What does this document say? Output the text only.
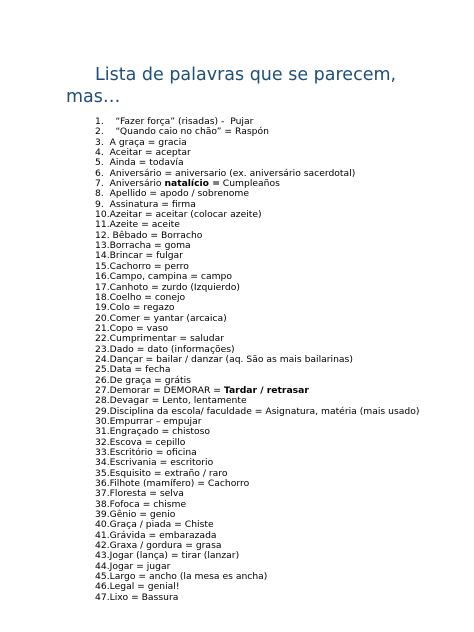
Lista de palavras que se parecem, mas…
1.
“Fazer força” (risadas) -  Pujar
2.
“Quando caio no chão” = Raspón
3.
A graça = gracia
4.
Aceitar = aceptar
5.
Ainda = todavía
6.
Aniversário = aniversario (ex. aniversário sacerdotal)
7.
Aniversário natalício = Cumpleaños
8.
Apellido = apodo / sobrenome
9.
Assinatura = firma
10. Azeitar = aceitar (colocar azeite)
11. Azeite = aceite
12.
Bêbado = Borracho
13. Borracha = goma
14. Brincar = fulgar
15. Cachorro = perro
16. Campo, campina = campo
17. Canhoto = zurdo (Izquierdo)
18. Coelho = conejo
19. Colo = regazo
20. Comer = yantar (arcaica)
21. Copo = vaso
22. Cumprimentar = saludar
23. Dado = dato (informações)
24. Dançar = bailar / danzar (aq. São as mais bailarinas)
25. Data = fecha
26. De graça = grátis
27. Demorar = DEMORAR = Tardar / retrasar
28. Devagar = Lento, lentamente
29. Disciplina da escola/ faculdade = Asignatura, matéria (mais usado)
30. Empurrar – empujar
31. Engraçado = chistoso
32. Escova = cepillo
33. Escritório = oficina
34. Escrivania = escritorio
35. Esquisito = extraño / raro
36. Filhote (mamífero) = Cachorro
37. Floresta = selva
38. Fofoca = chisme
39. Gênio = genio
40. Graça / piada = Chiste
41. Grávida = embarazada
42. Graxa / gordura = grasa
43. Jogar (lança) = tirar (lanzar)
44. Jogar = jugar
45. Largo = ancho (la mesa es ancha)
46. Legal = genial!
47. Lixo = Bassura
